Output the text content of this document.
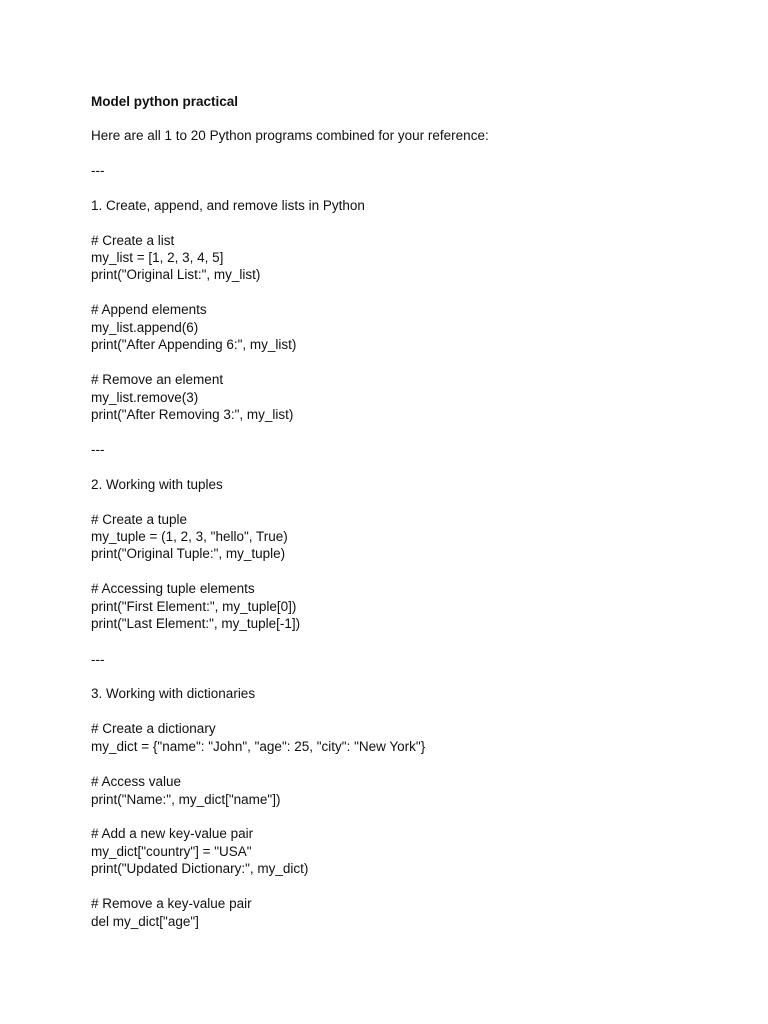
Model python practical
Here are all 1 to 20 Python programs combined for your reference:
---
1. Create, append, and remove lists in Python
# Create a list
my_list = [1, 2, 3, 4, 5]
print("Original List:", my_list)
# Append elements
my_list.append(6)
print("After Appending 6:", my_list)
# Remove an element
my_list.remove(3)
print("After Removing 3:", my_list)
---
2. Working with tuples
# Create a tuple
my_tuple = (1, 2, 3, "hello", True)
print("Original Tuple:", my_tuple)
# Accessing tuple elements
print("First Element:", my_tuple[0])
print("Last Element:", my_tuple[-1])
---
3. Working with dictionaries
# Create a dictionary
my_dict = {"name": "John", "age": 25, "city": "New York"}
# Access value
print("Name:", my_dict["name"])
# Add a new key-value pair
my_dict["country"] = "USA"
print("Updated Dictionary:", my_dict)
# Remove a key-value pair
del my_dict["age"]
